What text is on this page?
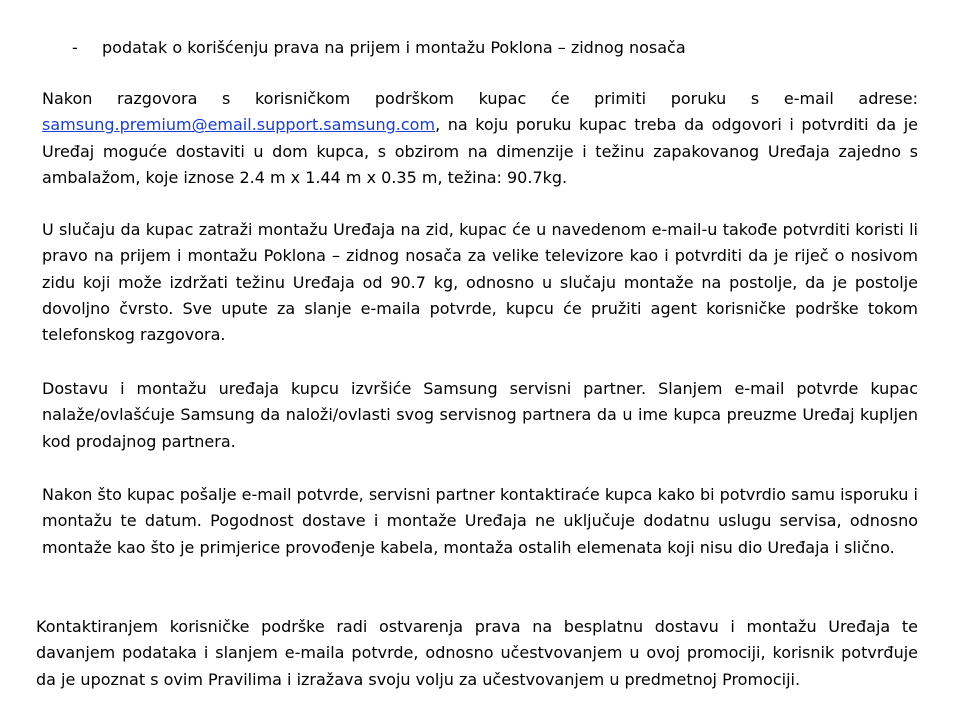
- podatak o korišćenju prava na prijem i montažu Poklona – zidnog nosača

Nakon razgovora s korisničkom podrškom kupac će primiti poruku s e-mail adrese: samsung.premium@email.support.samsung.com, na koju poruku kupac treba da odgovori i potvrditi da je Uređaj moguće dostaviti u dom kupca, s obzirom na dimenzije i težinu zapakovanog Uređaja zajedno s ambalažom, koje iznose 2.4 m x 1.44 m x 0.35 m, težina: 90.7kg.

U slučaju da kupac zatraži montažu Uređaja na zid, kupac će u navedenom e-mail-u takođe potvrditi koristi li pravo na prijem i montažu Poklona – zidnog nosača za velike televizore kao i potvrditi da je riječ o nosivom zidu koji može izdržati težinu Uređaja od 90.7 kg, odnosno u slučaju montaže na postolje, da je postolje dovoljno čvrsto. Sve upute za slanje e-maila potvrde, kupcu će pružiti agent korisničke podrške tokom telefonskog razgovora.

Dostavu i montažu uređaja kupcu izvršiće Samsung servisni partner. Slanjem e-mail potvrde kupac nalaže/ovlašćuje Samsung da naloži/ovlasti svog servisnog partnera da u ime kupca preuzme Uređaj kupljen kod prodajnog partnera.

Nakon što kupac pošalje e-mail potvrde, servisni partner kontaktiraće kupca kako bi potvrdio samu isporuku i montažu te datum. Pogodnost dostave i montaže Uređaja ne uključuje dodatnu uslugu servisa, odnosno montaže kao što je primjerice provođenje kabela, montaža ostalih elemenata koji nisu dio Uređaja i slično.

Kontaktiranjem korisničke podrške radi ostvarenja prava na besplatnu dostavu i montažu Uređaja te davanjem podataka i slanjem e-maila potvrde, odnosno učestvovanjem u ovoj promociji, korisnik potvrđuje da je upoznat s ovim Pravilima i izražava svoju volju za učestvovanjem u predmetnoj Promociji.
